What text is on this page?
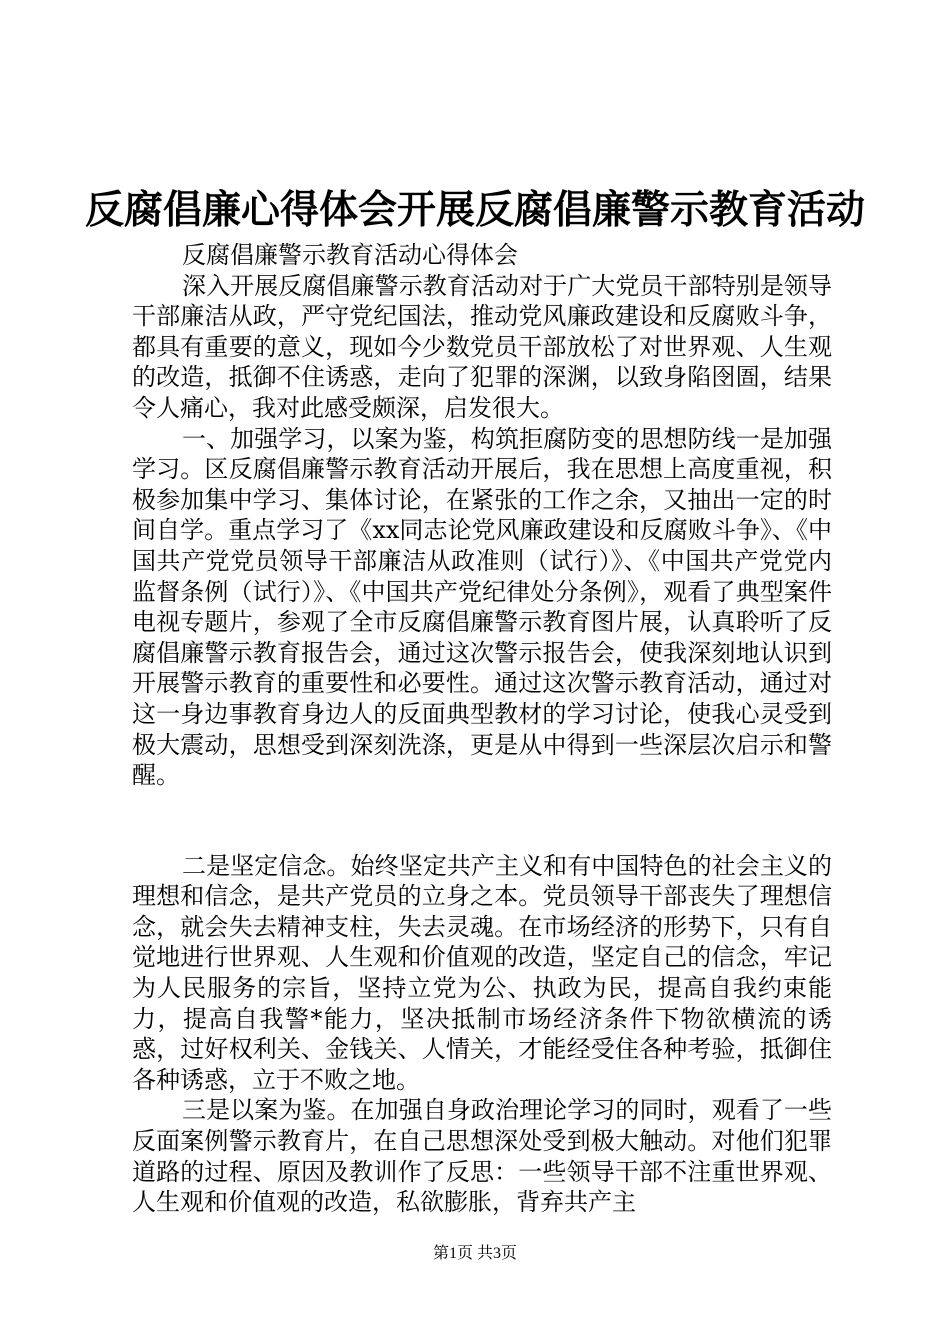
反腐倡廉心得体会开展反腐倡廉警示教育活动

反腐倡廉警示教育活动心得体会

深入开展反腐倡廉警示教育活动对于广大党员干部特别是领导干部廉洁从政，严守党纪国法，推动党风廉政建设和反腐败斗争，都具有重要的意义，现如今少数党员干部放松了对世界观、人生观的改造，抵御不住诱惑，走向了犯罪的深渊，以致身陷囹圄，结果令人痛心，我对此感受颇深，启发很大。

一、加强学习，以案为鉴，构筑拒腐防变的思想防线一是加强学习。区反腐倡廉警示教育活动开展后，我在思想上高度重视，积极参加集中学习、集体讨论，在紧张的工作之余，又抽出一定的时间自学。重点学习了《xx同志论党风廉政建设和反腐败斗争》、《中国共产党党员领导干部廉洁从政准则（试行）》、《中国共产党党内监督条例（试行）》、《中国共产党纪律处分条例》，观看了典型案件电视专题片，参观了全市反腐倡廉警示教育图片展，认真聆听了反腐倡廉警示教育报告会，通过这次警示报告会，使我深刻地认识到开展警示教育的重要性和必要性。通过这次警示教育活动，通过对这一身边事教育身边人的反面典型教材的学习讨论，使我心灵受到极大震动，思想受到深刻洗涤，更是从中得到一些深层次启示和警醒。

二是坚定信念。始终坚定共产主义和有中国特色的社会主义的理想和信念，是共产党员的立身之本。党员领导干部丧失了理想信念，就会失去精神支柱，失去灵魂。在市场经济的形势下，只有自觉地进行世界观、人生观和价值观的改造，坚定自己的信念，牢记为人民服务的宗旨，坚持立党为公、执政为民，提高自我约束能力，提高自我警*能力，坚决抵制市场经济条件下物欲横流的诱惑，过好权利关、金钱关、人情关，才能经受住各种考验，抵御住各种诱惑，立于不败之地。

三是以案为鉴。在加强自身政治理论学习的同时，观看了一些反面案例警示教育片，在自己思想深处受到极大触动。对他们犯罪道路的过程、原因及教训作了反思：一些领导干部不注重世界观、人生观和价值观的改造，私欲膨胀，背弃共产主

第1页 共3页
